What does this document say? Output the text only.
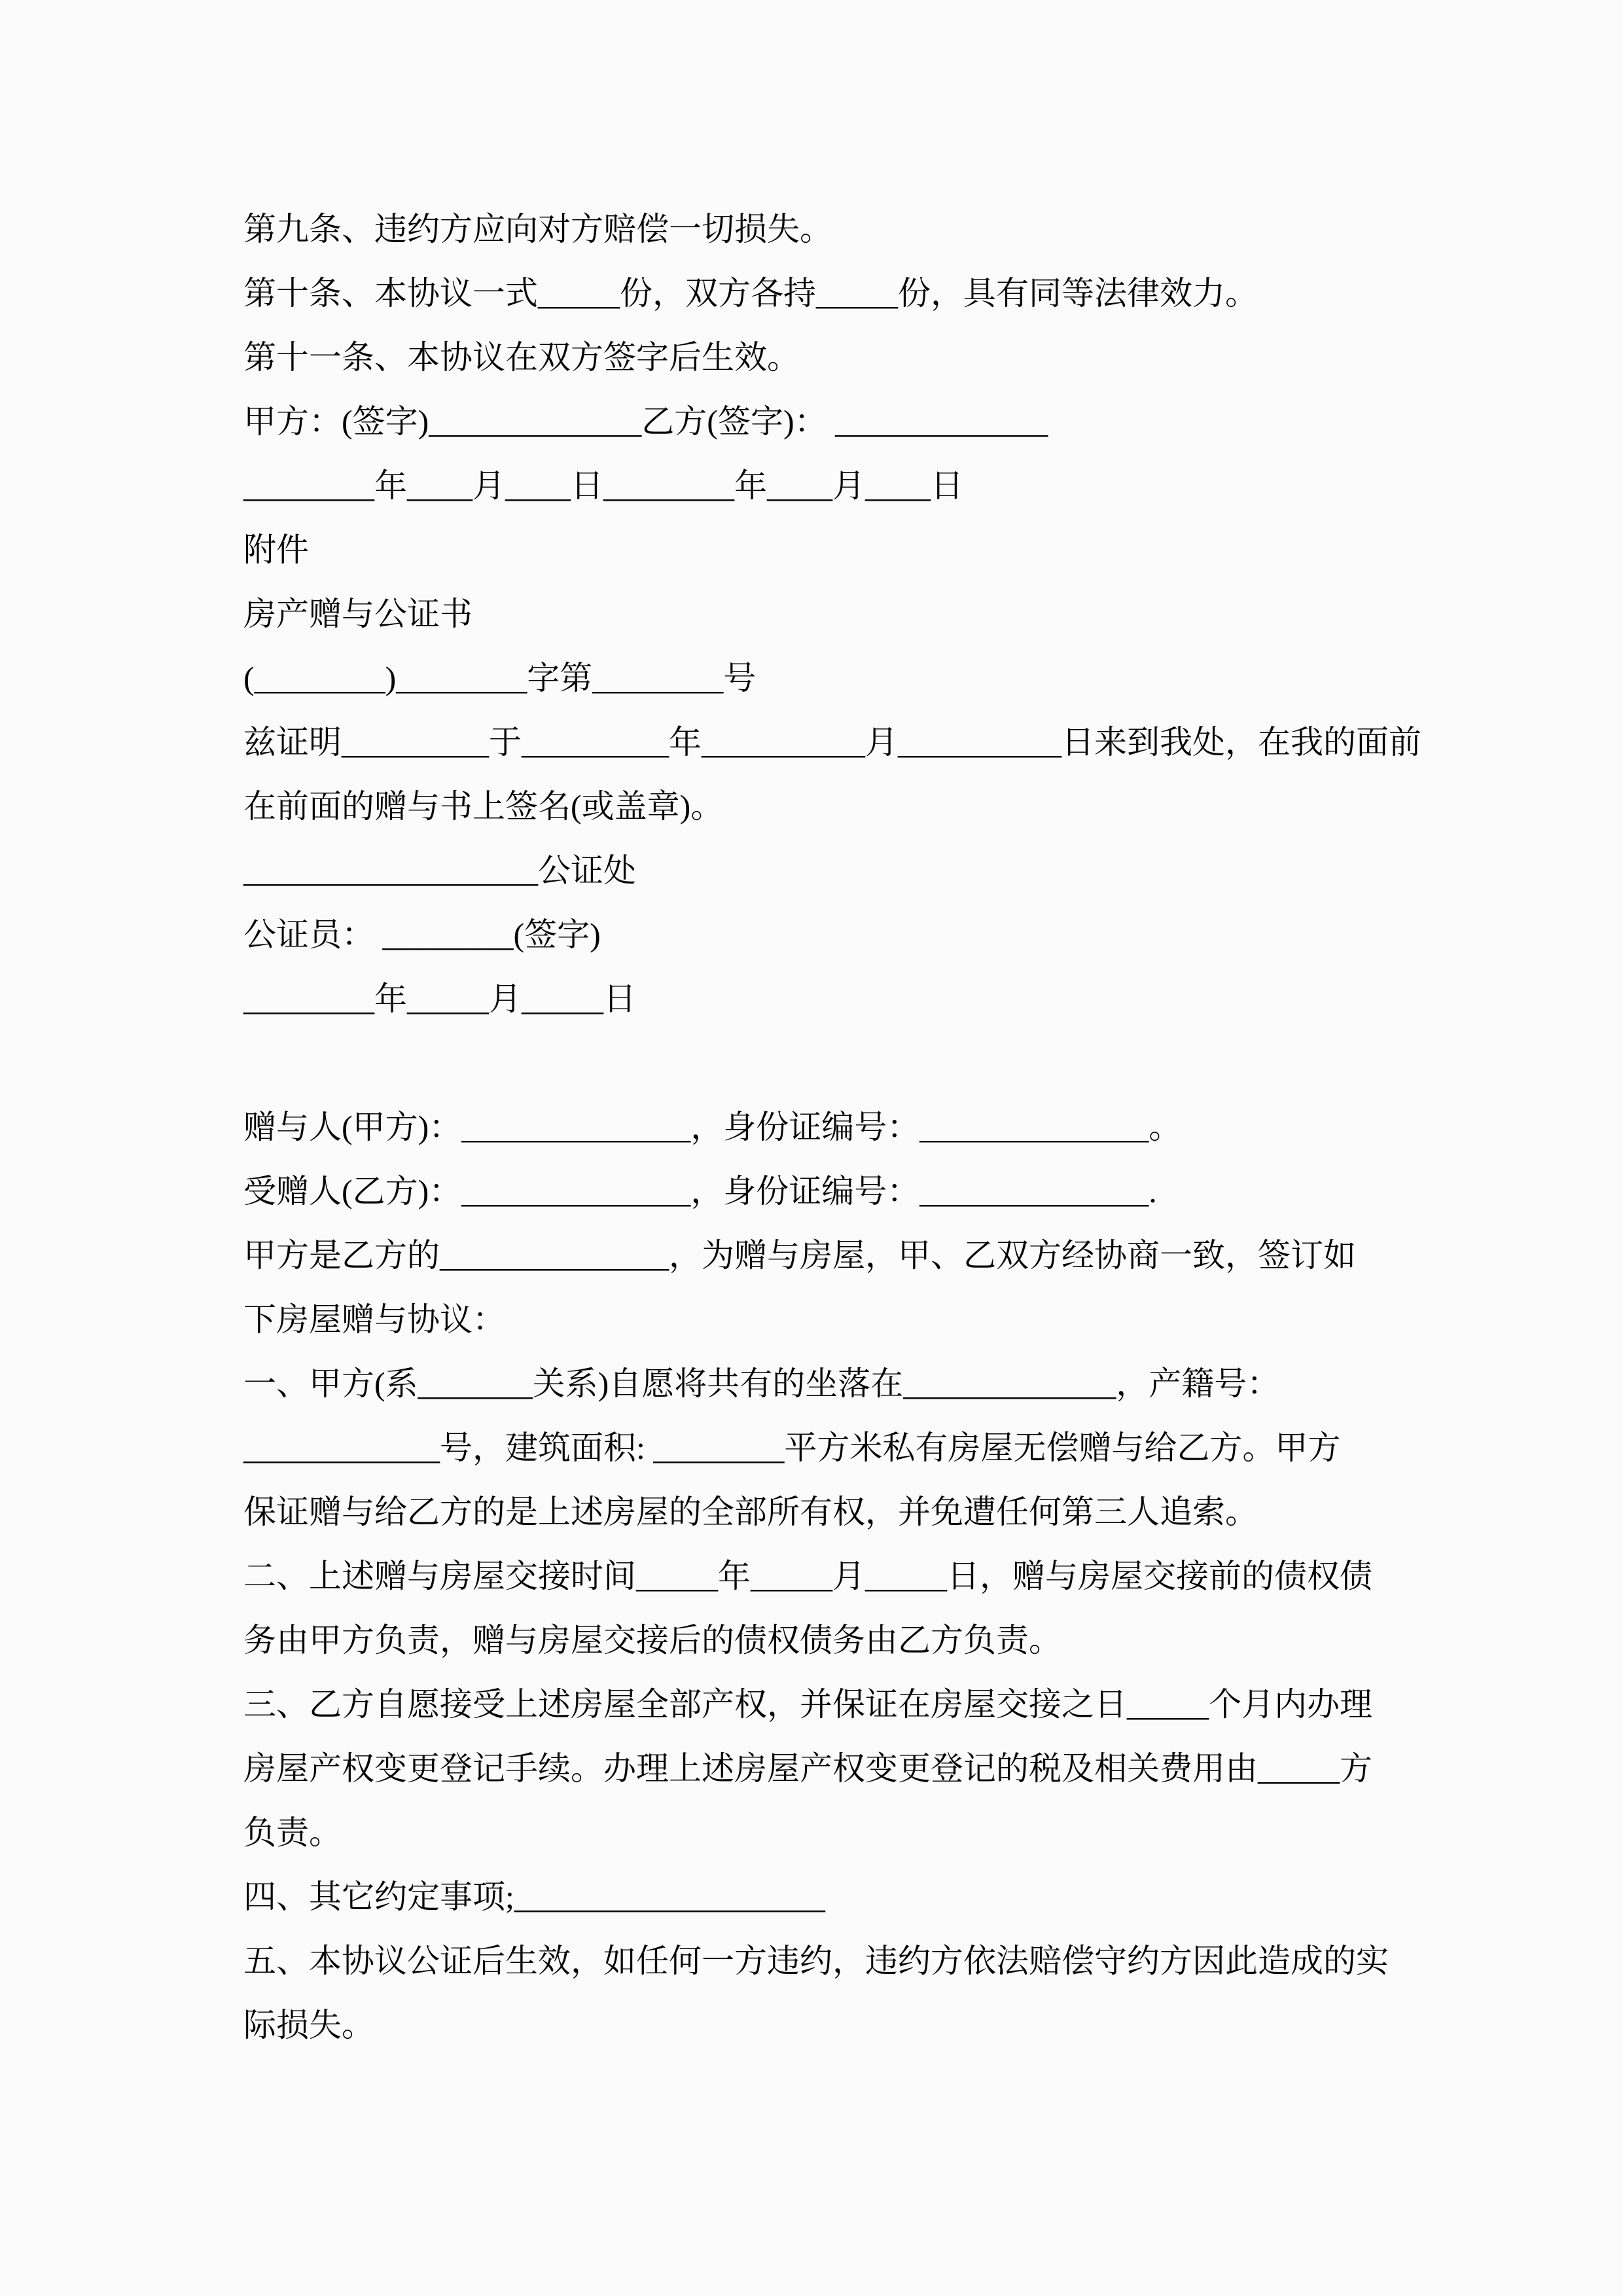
第九条、违约方应向对方赔偿一切损失。
第十条、本协议一式_____份，双方各持_____份，具有同等法律效力。
第十一条、本协议在双方签字后生效。
甲方：(签字)_____________乙方(签字)： _____________
________年____月____日________年____月____日
附件
房产赠与公证书
(________)________字第________号
兹证明_________于_________年__________月__________日来到我处，在我的面前
在前面的赠与书上签名(或盖章)。
__________________公证处
公证员： ________(签字)
________年_____月_____日
赠与人(甲方)：______________，身份证编号：______________。
受赠人(乙方)：______________，身份证编号：______________.
甲方是乙方的______________，为赠与房屋，甲、乙双方经协商一致，签订如
下房屋赠与协议：
一、甲方(系_______关系)自愿将共有的坐落在_____________，产籍号：
____________号，建筑面积: ________平方米私有房屋无偿赠与给乙方。甲方
保证赠与给乙方的是上述房屋的全部所有权，并免遭任何第三人追索。
二、上述赠与房屋交接时间_____年_____月_____日，赠与房屋交接前的债权债
务由甲方负责，赠与房屋交接后的债权债务由乙方负责。
三、乙方自愿接受上述房屋全部产权，并保证在房屋交接之日_____个月内办理
房屋产权变更登记手续。办理上述房屋产权变更登记的税及相关费用由_____方
负责。
四、其它约定事项;___________________
五、本协议公证后生效，如任何一方违约，违约方依法赔偿守约方因此造成的实
际损失。
